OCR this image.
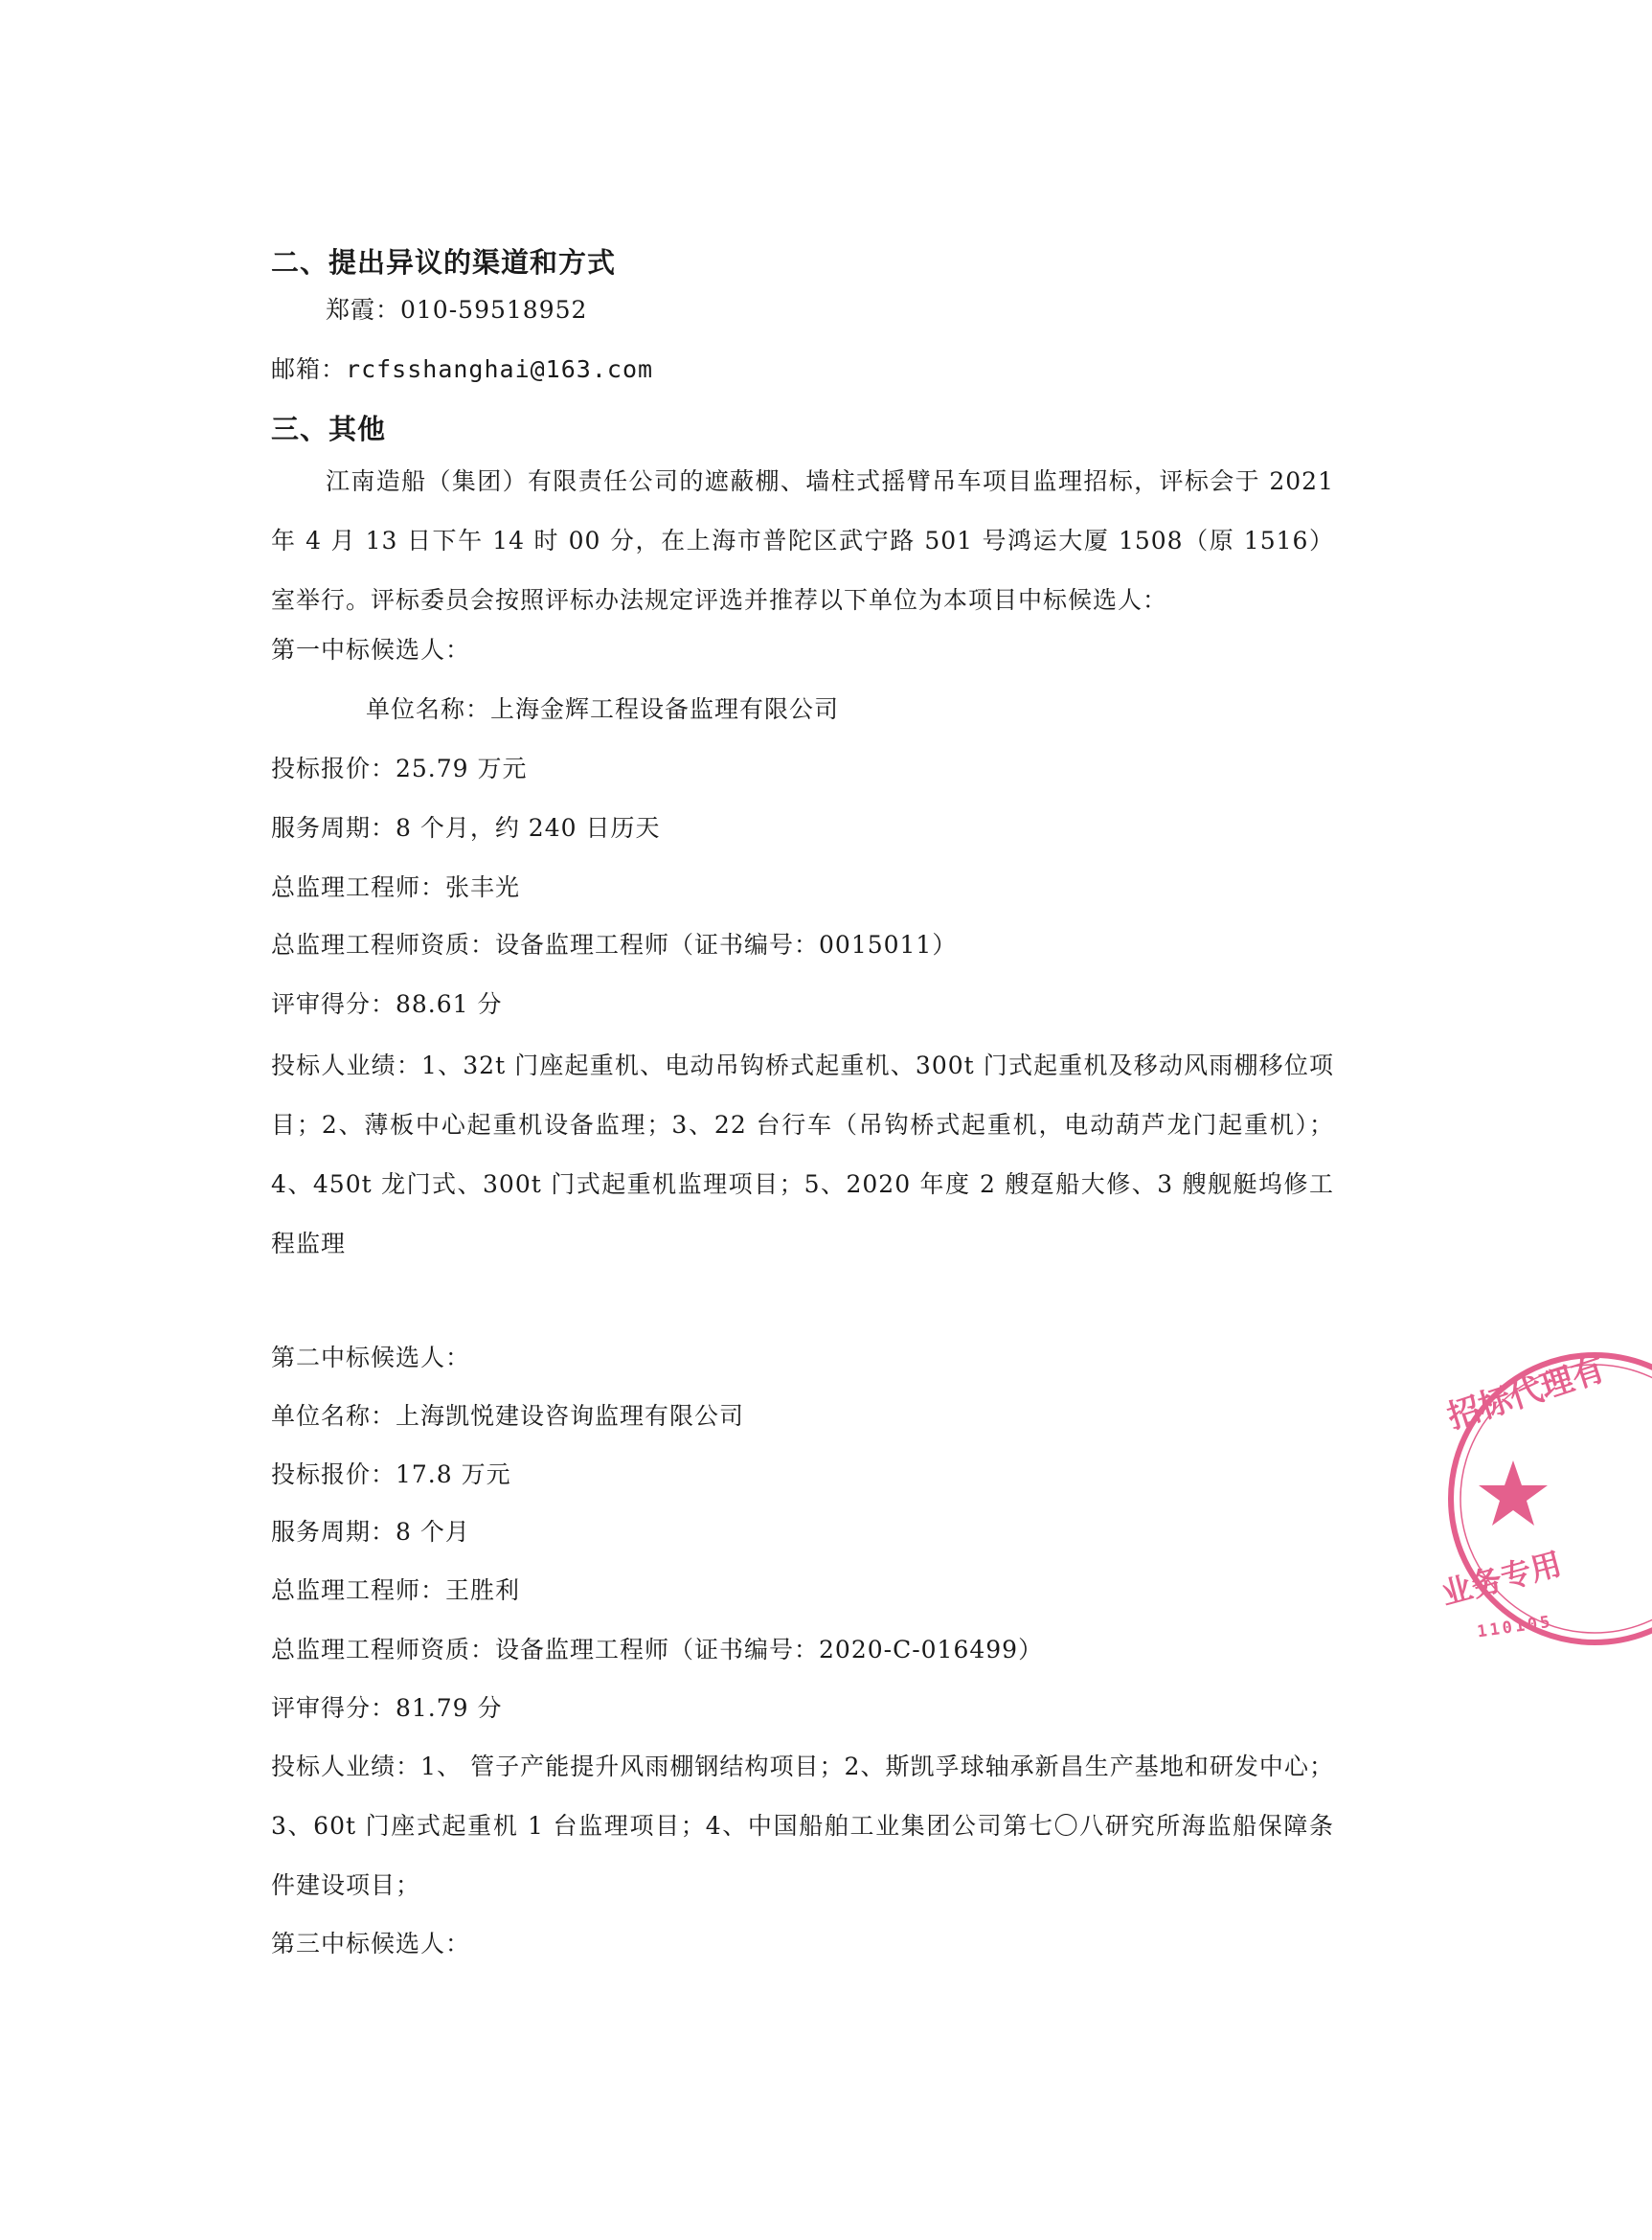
二、提出异议的渠道和方式
郑霞：010-59518952
邮箱：rcfsshanghai@163.com
三、其他
江南造船（集团）有限责任公司的遮蔽棚、墙柱式摇臂吊车项目监理招标，评标会于 2021 年 4 月 13 日下午 14 时 00 分，在上海市普陀区武宁路 501 号鸿运大厦 1508（原 1516）室举行。评标委员会按照评标办法规定评选并推荐以下单位为本项目中标候选人：
第一中标候选人：
单位名称：上海金辉工程设备监理有限公司
投标报价：25.79 万元
服务周期：8 个月，约 240 日历天
总监理工程师：张丰光
总监理工程师资质：设备监理工程师（证书编号：0015011）
评审得分：88.61 分
投标人业绩：1、32t 门座起重机、电动吊钩桥式起重机、300t 门式起重机及移动风雨棚移位项目；2、薄板中心起重机设备监理；3、22 台行车（吊钩桥式起重机，电动葫芦龙门起重机）；4、450t 龙门式、300t 门式起重机监理项目；5、2020 年度 2 艘趸船大修、3 艘舰艇坞修工程监理
第二中标候选人：
单位名称：上海凯悦建设咨询监理有限公司
投标报价：17.8 万元
服务周期：8 个月
总监理工程师：王胜利
总监理工程师资质：设备监理工程师（证书编号：2020-C-016499）
评审得分：81.79 分
投标人业绩：1、 管子产能提升风雨棚钢结构项目；2、斯凯孚球轴承新昌生产基地和研发中心；3、60t 门座式起重机 1 台监理项目；4、中国船舶工业集团公司第七〇八研究所海监船保障条件建设项目；
第三中标候选人：
招标代理有
业务专用
110105
